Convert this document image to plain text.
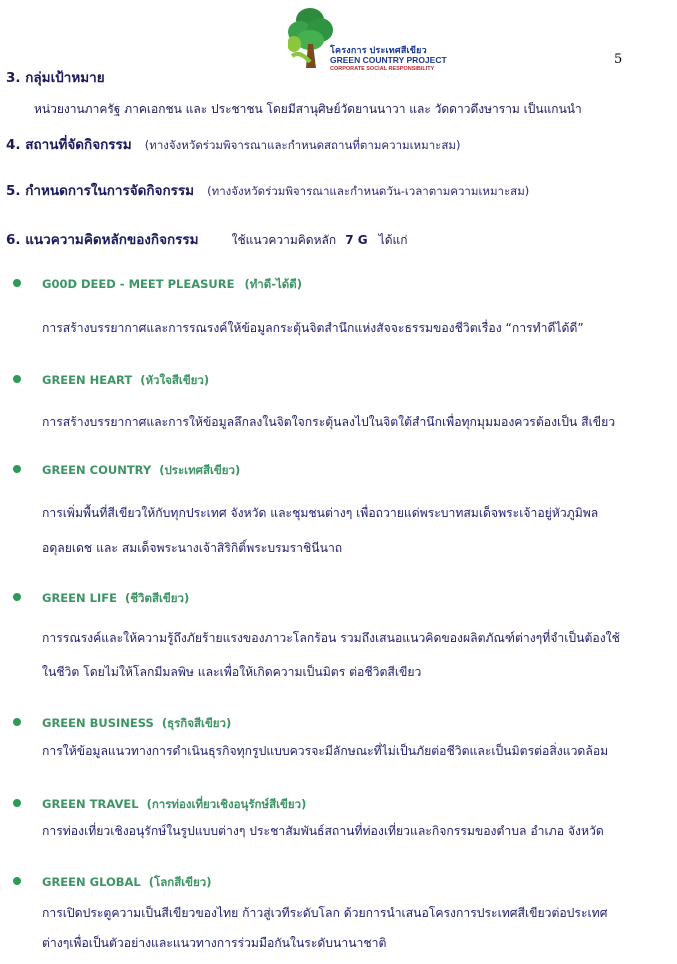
โครงการ ประเทศสีเขียว
GREEN COUNTRY PROJECT
CORPORATE SOCIAL RESPONSIBILITY
5
3. กลุ่มเป้าหมาย
หน่วยงานภาครัฐ ภาคเอกชน และ ประชาชน โดยมีสานุศิษย์วัดยานนาวา และ วัดดาวดึงษาราม เป็นแกนนำ
4. สถานที่จัดกิจกรรม (ทางจังหวัดร่วมพิจารณาและกำหนดสถานที่ตามความเหมาะสม)
5. กำหนดการในการจัดกิจกรรม (ทางจังหวัดร่วมพิจารณาและกำหนดวัน-เวลาตามความเหมาะสม)
6. แนวความคิดหลักของกิจกรรม	ใช้แนวความคิดหลัก 7 G ได้แก่
G00D DEED - MEET PLEASURE (ทำดี-ได้ดี)
การสร้างบรรยากาศและการรณรงค์ให้ข้อมูลกระตุ้นจิตสำนึกแห่งสัจจะธรรมของชีวิตเรื่อง “การทำดีได้ดี”
GREEN HEART (หัวใจสีเขียว)
การสร้างบรรยากาศและการให้ข้อมูลลึกลงในจิตใจกระตุ้นลงไปในจิตใต้สำนึกเพื่อทุกมุมมองควรต้องเป็น สีเขียว
GREEN COUNTRY (ประเทศสีเขียว)
การเพิ่มพื้นที่สีเขียวให้กับทุกประเทศ จังหวัด และชุมชนต่างๆ เพื่อถวายแด่พระบาทสมเด็จพระเจ้าอยู่หัวภูมิพล
อดุลยเดช และ สมเด็จพระนางเจ้าสิริกิติ์พระบรมราชินีนาถ
GREEN LIFE (ชีวิตสีเขียว)
การรณรงค์และให้ความรู้ถึงภัยร้ายแรงของภาวะโลกร้อน รวมถึงเสนอแนวคิดของผลิตภัณฑ์ต่างๆที่จำเป็นต้องใช้
ในชีวิต โดยไม่ให้โลกมีมลพิษ และเพื่อให้เกิดความเป็นมิตร ต่อชีวิตสีเขียว
GREEN BUSINESS (ธุรกิจสีเขียว)
การให้ข้อมูลแนวทางการดำเนินธุรกิจทุกรูปแบบควรจะมีลักษณะที่ไม่เป็นภัยต่อชีวิตและเป็นมิตรต่อสิ่งแวดล้อม
GREEN TRAVEL (การท่องเที่ยวเชิงอนุรักษ์สีเขียว)
การท่องเที่ยวเชิงอนุรักษ์ในรูปแบบต่างๆ ประชาสัมพันธ์สถานที่ท่องเที่ยวและกิจกรรมของตำบล อำเภอ จังหวัด
GREEN GLOBAL (โลกสีเขียว)
การเปิดประตูความเป็นสีเขียวของไทย ก้าวสู่เวทีระดับโลก ด้วยการนำเสนอโครงการประเทศสีเขียวต่อประเทศ
ต่างๆเพื่อเป็นตัวอย่างและแนวทางการร่วมมือกันในระดับนานาชาติ
